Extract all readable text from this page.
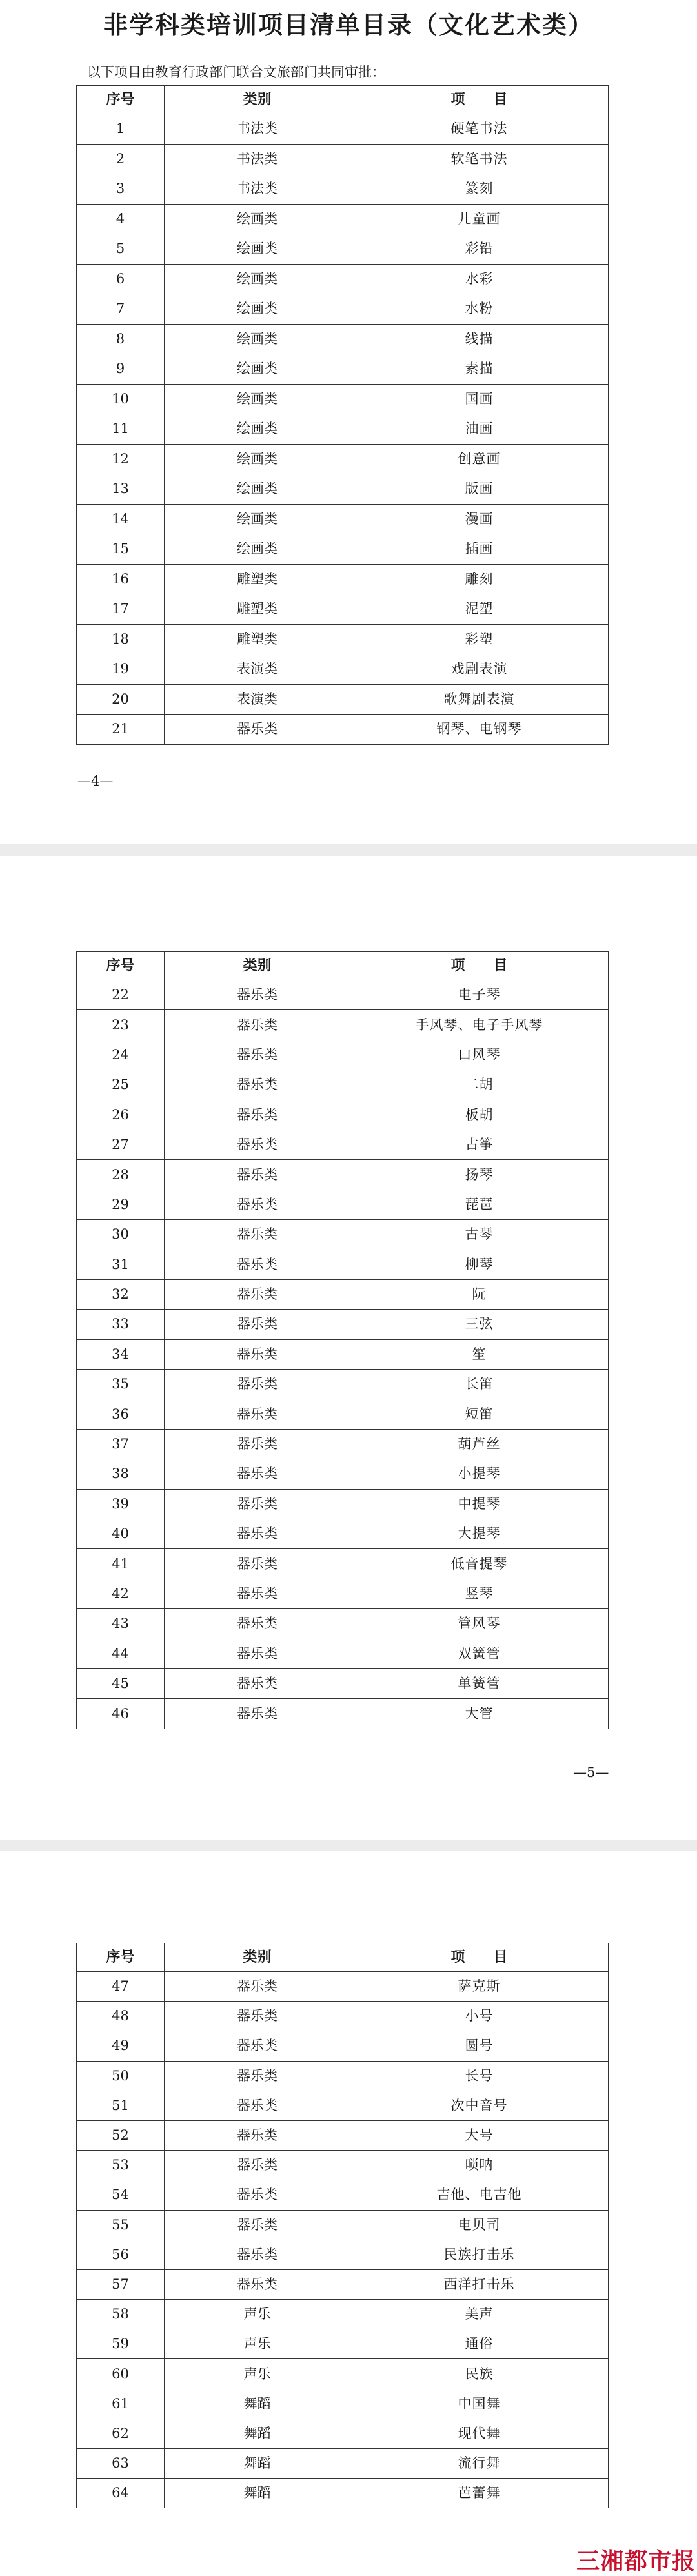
非学科类培训项目清单目录（文化艺术类）

以下项目由教育行政部门联合文旅部门共同审批：

序号	类别	项　　目
1	书法类	硬笔书法
2	书法类	软笔书法
3	书法类	篆刻
4	绘画类	儿童画
5	绘画类	彩铅
6	绘画类	水彩
7	绘画类	水粉
8	绘画类	线描
9	绘画类	素描
10	绘画类	国画
11	绘画类	油画
12	绘画类	创意画
13	绘画类	版画
14	绘画类	漫画
15	绘画类	插画
16	雕塑类	雕刻
17	雕塑类	泥塑
18	雕塑类	彩塑
19	表演类	戏剧表演
20	表演类	歌舞剧表演
21	器乐类	钢琴、电钢琴
—4—
序号	类别	项　　目
22	器乐类	电子琴
23	器乐类	手风琴、电子手风琴
24	器乐类	口风琴
25	器乐类	二胡
26	器乐类	板胡
27	器乐类	古筝
28	器乐类	扬琴
29	器乐类	琵琶
30	器乐类	古琴
31	器乐类	柳琴
32	器乐类	阮
33	器乐类	三弦
34	器乐类	笙
35	器乐类	长笛
36	器乐类	短笛
37	器乐类	葫芦丝
38	器乐类	小提琴
39	器乐类	中提琴
40	器乐类	大提琴
41	器乐类	低音提琴
42	器乐类	竖琴
43	器乐类	管风琴
44	器乐类	双簧管
45	器乐类	单簧管
46	器乐类	大管
—5—
序号	类别	项　　目
47	器乐类	萨克斯
48	器乐类	小号
49	器乐类	圆号
50	器乐类	长号
51	器乐类	次中音号
52	器乐类	大号
53	器乐类	唢呐
54	器乐类	吉他、电吉他
55	器乐类	电贝司
56	器乐类	民族打击乐
57	器乐类	西洋打击乐
58	声乐	美声
59	声乐	通俗
60	声乐	民族
61	舞蹈	中国舞
62	舞蹈	现代舞
63	舞蹈	流行舞
64	舞蹈	芭蕾舞
三湘都市报
